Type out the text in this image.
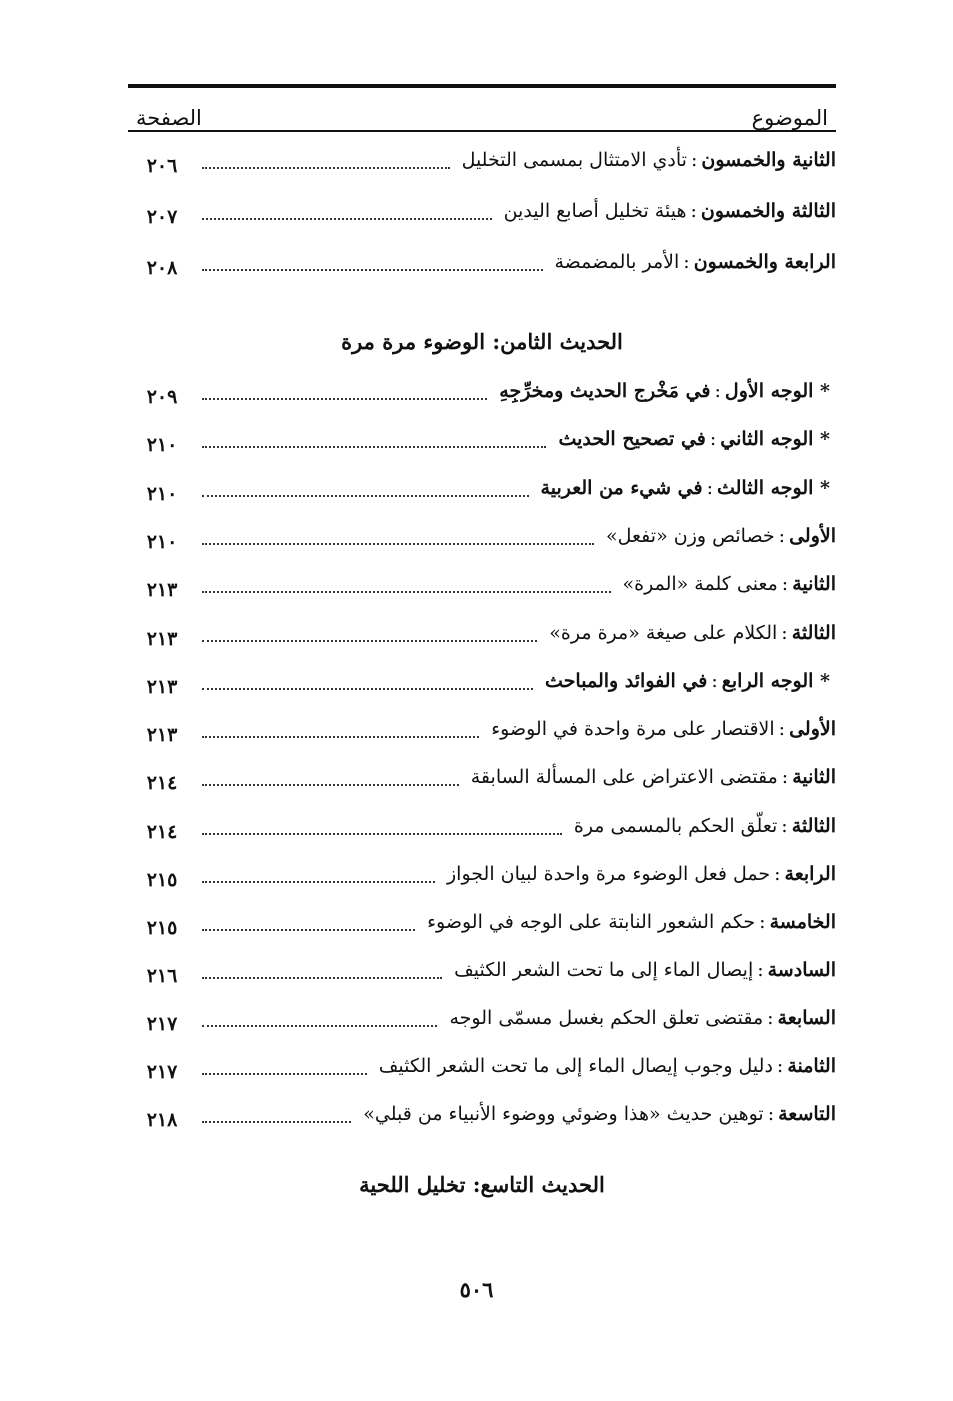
الموضوع
الصفحة
الثانية والخمسون:تأدي الامتثال بمسمى التخليل
٢٠٦
الثالثة والخمسون:هيئة تخليل أصابع اليدين
٢٠٧
الرابعة والخمسون:الأمر بالمضمضة
٢٠٨
* الوجه الأول:في مَخْرج الحديث ومخرِّجِهِ
٢٠٩
* الوجه الثاني:في تصحيح الحديث
٢١٠
* الوجه الثالث:في شيء من العربية
٢١٠
الأولى:خصائص وزن «تفعل»
٢١٠
الثانية:معنى كلمة «المرة»
٢١٣
الثالثة:الكلام على صيغة «مرة مرة»
٢١٣
* الوجه الرابع:في الفوائد والمباحث
٢١٣
الأولى:الاقتصار على مرة واحدة في الوضوء
٢١٣
الثانية:مقتضى الاعتراض على المسألة السابقة
٢١٤
الثالثة:تعلّق الحكم بالمسمى مرة
٢١٤
الرابعة:حمل فعل الوضوء مرة واحدة لبيان الجواز
٢١٥
الخامسة:حكم الشعور النابتة على الوجه في الوضوء
٢١٥
السادسة:إيصال الماء إلى ما تحت الشعر الكثيف
٢١٦
السابعة:مقتضى تعلق الحكم بغسل مسمّى الوجه
٢١٧
الثامنة:دليل وجوب إيصال الماء إلى ما تحت الشعر الكثيف
٢١٧
التاسعة:توهين حديث «هذا وضوئي ووضوء الأنبياء من قبلي»
٢١٨
الحديث الثامن: الوضوء مرة مرة
الحديث التاسع: تخليل اللحية
٥٠٦
